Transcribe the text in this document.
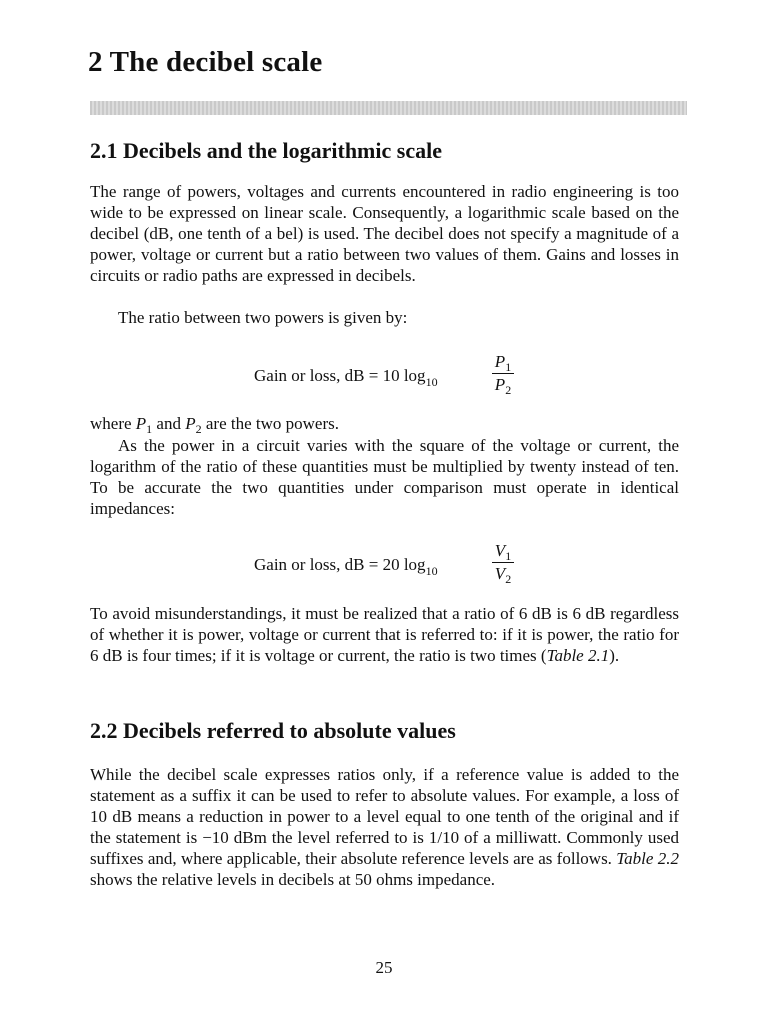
2 The decibel scale
2.1 Decibels and the logarithmic scale

The range of powers, voltages and currents encountered in radio engineering is too wide to be expressed on linear scale. Consequently, a logarithmic scale based on the decibel (dB, one tenth of a bel) is used. The decibel does not specify a magnitude of a power, voltage or current but a ratio between two values of them. Gains and losses in circuits or radio paths are expressed in decibels.

The ratio between two powers is given by:

Gain or loss, dB = 10 $\log_{10}$
$P_1$
$P_2$

where $P_1$ and $P_2$ are the two powers.

As the power in a circuit varies with the square of the voltage or current, the logarithm of the ratio of these quantities must be multiplied by twenty instead of ten. To be accurate the two quantities under comparison must operate in identical impedances:

Gain or loss, dB = 20 $\log_{10}$
$V_1$
$V_2$

To avoid misunderstandings, it must be realized that a ratio of 6 dB is 6 dB regardless of whether it is power, voltage or current that is referred to: if it is power, the ratio for 6 dB is four times; if it is voltage or current, the ratio is two times (Table 2.1).

2.2 Decibels referred to absolute values

While the decibel scale expresses ratios only, if a reference value is added to the statement as a suffix it can be used to refer to absolute values. For example, a loss of 10 dB means a reduction in power to a level equal to one tenth of the original and if the statement is −10 dBm the level referred to is 1/10 of a milliwatt. Commonly used suffixes and, where applicable, their absolute reference levels are as follows. Table 2.2 shows the relative levels in decibels at 50 ohms impedance.

25
